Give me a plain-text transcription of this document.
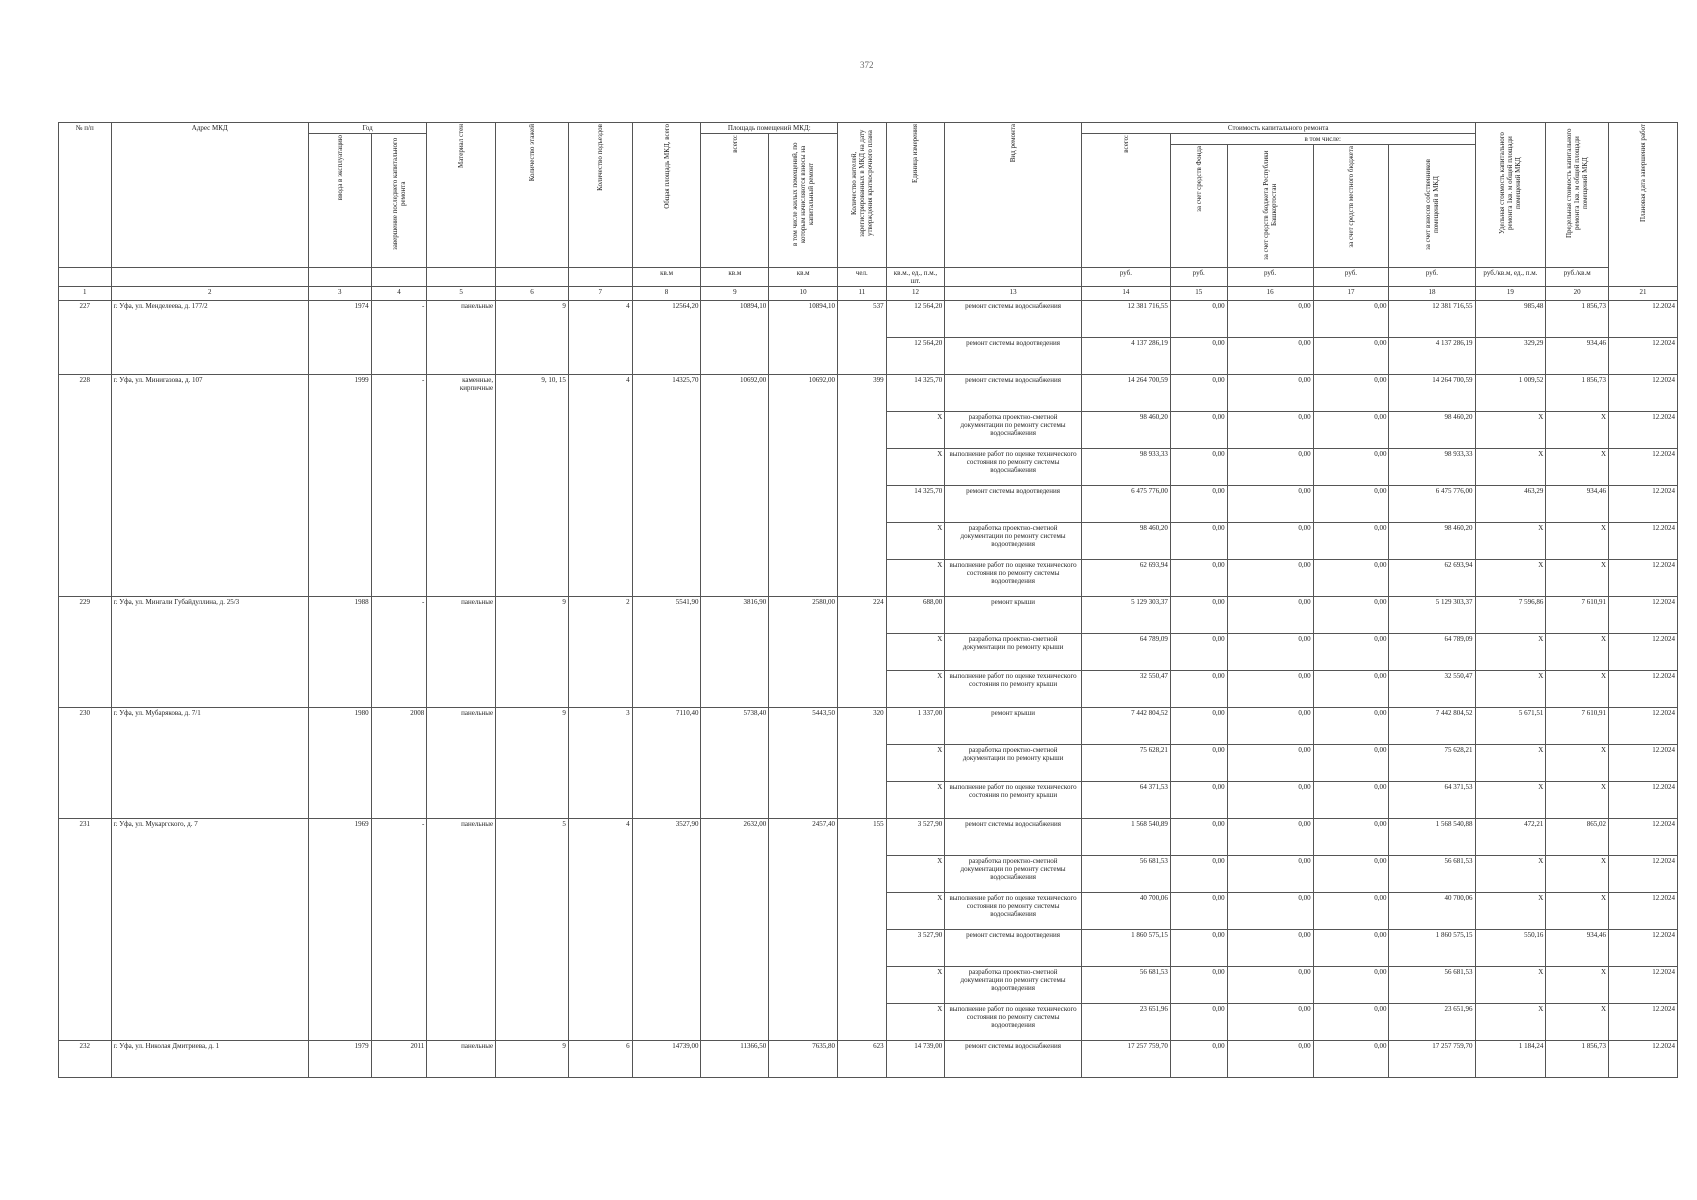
372
№ п/п	Адрес МКД	Год		Материал стен	Количество этажей	Количество подъездов	Общая площадь МКД, всего	Площадь помещений МКД:		Количество жителей, зарегистрированных в МКД на дату утверждения краткосрочного плана	Единица измерения	Вид ремонта	Стоимость капитального ремонта					Удельная стоимость капитального ремонта 1кв. м общей площади помещений МКД	Предельная стоимость капитального ремонта 1кв. м общей площади помещений МКД	Плановая дата завершения работ
		ввода в эксплуатацию	завершение последнего капитального ремонта					всего:	в том числе жилых помещений, по которым начисляются взносы на капитальный ремонт				всего:	в том числе:						
														за счет средств Фонда	за счет средств бюджета Республики Башкортостан	за счет средств местного бюджета	за счет взносов собственников помещений в МКД			
							кв.м	кв.м	кв.м	чел.	кв.м., ед., п.м., шт.		руб.	руб.	руб.	руб.	руб.	руб./кв.м, ед., п.м.	руб./кв.м	
1	2	3	4	5	6	7	8	9	10	11	12	13	14	15	16	17	18	19	20	21
227	г. Уфа, ул. Менделеева, д. 177/2	1974	-	панельные	9	4	12564,20	10894,10	10894,10	537	12 564,20	ремонт системы водоснабжения	12 381 716,55	0,00	0,00	0,00	12 381 716,55	985,48	1 856,73	12.2024
											12 564,20	ремонт системы водоотведения	4 137 286,19	0,00	0,00	0,00	4 137 286,19	329,29	934,46	12.2024
228	г. Уфа, ул. Минигазова, д. 107	1999	-	каменные, кирпичные	9, 10, 15	4	14325,70	10692,00	10692,00	399	14 325,70	ремонт системы водоснабжения	14 264 700,59	0,00	0,00	0,00	14 264 700,59	1 009,52	1 856,73	12.2024
											X	разработка проектно-сметной документации по ремонту системы водоснабжения	98 460,20	0,00	0,00	0,00	98 460,20	X	X	12.2024
											X	выполнение работ по оценке технического состояния по ремонту системы водоснабжения	98 933,33	0,00	0,00	0,00	98 933,33	X	X	12.2024
											14 325,70	ремонт системы водоотведения	6 475 776,00	0,00	0,00	0,00	6 475 776,00	463,29	934,46	12.2024
											X	разработка проектно-сметной документации по ремонту системы водоотведения	98 460,20	0,00	0,00	0,00	98 460,20	X	X	12.2024
											X	выполнение работ по оценке технического состояния по ремонту системы водоотведения	62 693,94	0,00	0,00	0,00	62 693,94	X	X	12.2024
229	г. Уфа, ул. Мингали Губайдуллина, д. 25/3	1988	-	панельные	9	2	5541,90	3816,90	2580,00	224	688,00	ремонт крыши	5 129 303,37	0,00	0,00	0,00	5 129 303,37	7 596,86	7 610,91	12.2024
											X	разработка проектно-сметной документации по ремонту крыши	64 789,09	0,00	0,00	0,00	64 789,09	X	X	12.2024
											X	выполнение работ по оценке технического состояния по ремонту крыши	32 550,47	0,00	0,00	0,00	32 550,47	X	X	12.2024
230	г. Уфа, ул. Мубарякова, д. 7/1	1980	2008	панельные	9	3	7110,40	5738,40	5443,50	320	1 337,00	ремонт крыши	7 442 804,52	0,00	0,00	0,00	7 442 804,52	5 671,51	7 610,91	12.2024
											X	разработка проектно-сметной документации по ремонту крыши	75 628,21	0,00	0,00	0,00	75 628,21	X	X	12.2024
											X	выполнение работ по оценке технического состояния по ремонту крыши	64 371,53	0,00	0,00	0,00	64 371,53	X	X	12.2024
231	г. Уфа, ул. Мукаргского, д. 7	1969	-	панельные	5	4	3527,90	2632,00	2457,40	155	3 527,90	ремонт системы водоснабжения	1 568 540,89	0,00	0,00	0,00	1 568 540,88	472,21	865,02	12.2024
											X	разработка проектно-сметной документации по ремонту системы водоснабжения	56 681,53	0,00	0,00	0,00	56 681,53	X	X	12.2024
											X	выполнение работ по оценке технического состояния по ремонту системы водоснабжения	40 700,06	0,00	0,00	0,00	40 700,06	X	X	12.2024
											3 527,90	ремонт системы водоотведения	1 860 575,15	0,00	0,00	0,00	1 860 575,15	550,16	934,46	12.2024
											X	разработка проектно-сметной документации по ремонту системы водоотведения	56 681,53	0,00	0,00	0,00	56 681,53	X	X	12.2024
											X	выполнение работ по оценке технического состояния по ремонту системы водоотведения	23 651,96	0,00	0,00	0,00	23 651,96	X	X	12.2024
232	г. Уфа, ул. Николая Дмитриева, д. 1	1979	2011	панельные	9	6	14739,00	11366,50	7635,80	623	14 739,00	ремонт системы водоснабжения	17 257 759,70	0,00	0,00	0,00	17 257 759,70	1 184,24	1 856,73	12.2024
